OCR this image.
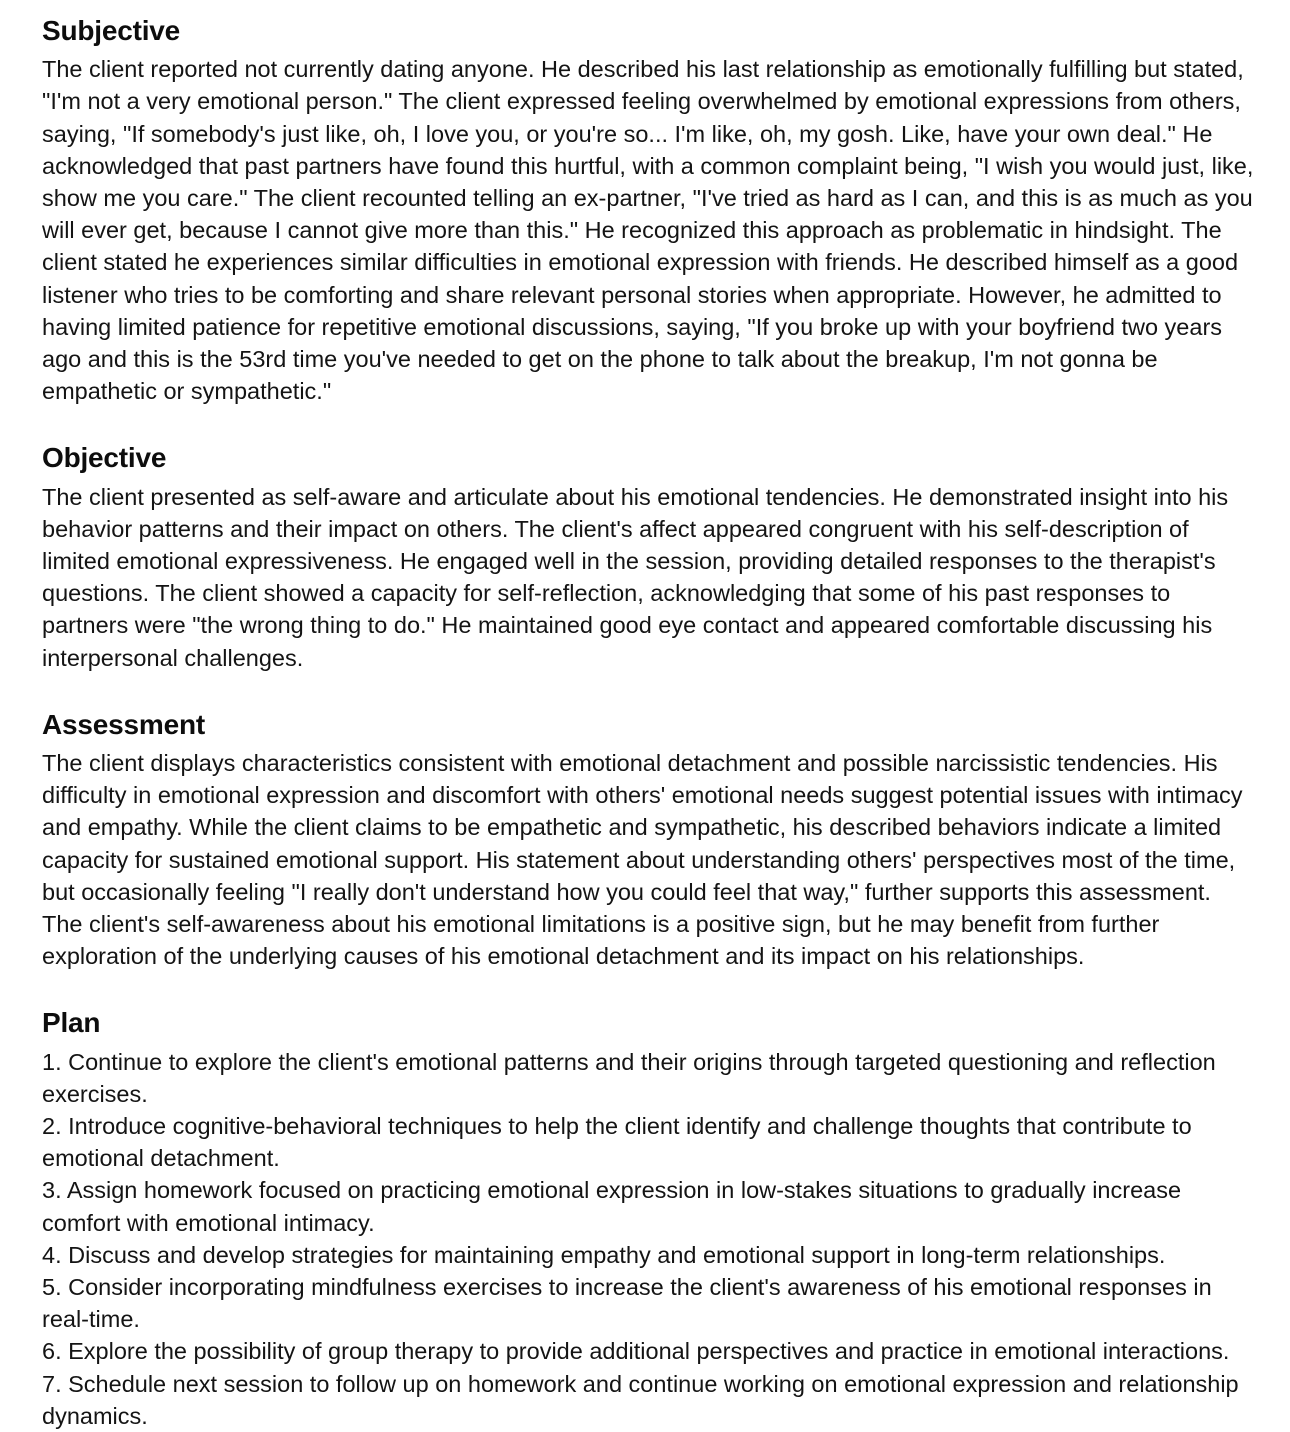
Subjective

The client reported not currently dating anyone. He described his last relationship as emotionally fulfilling but stated, "I'm not a very emotional person." The client expressed feeling overwhelmed by emotional expressions from others, saying, "If somebody's just like, oh, I love you, or you're so... I'm like, oh, my gosh. Like, have your own deal." He acknowledged that past partners have found this hurtful, with a common complaint being, "I wish you would just, like, show me you care." The client recounted telling an ex-partner, "I've tried as hard as I can, and this is as much as you will ever get, because I cannot give more than this." He recognized this approach as problematic in hindsight. The client stated he experiences similar difficulties in emotional expression with friends. He described himself as a good listener who tries to be comforting and share relevant personal stories when appropriate. However, he admitted to having limited patience for repetitive emotional discussions, saying, "If you broke up with your boyfriend two years ago and this is the 53rd time you've needed to get on the phone to talk about the breakup, I'm not gonna be empathetic or sympathetic."

Objective

The client presented as self-aware and articulate about his emotional tendencies. He demonstrated insight into his behavior patterns and their impact on others. The client's affect appeared congruent with his self-description of limited emotional expressiveness. He engaged well in the session, providing detailed responses to the therapist's questions. The client showed a capacity for self-reflection, acknowledging that some of his past responses to partners were "the wrong thing to do." He maintained good eye contact and appeared comfortable discussing his interpersonal challenges.

Assessment

The client displays characteristics consistent with emotional detachment and possible narcissistic tendencies. His difficulty in emotional expression and discomfort with others' emotional needs suggest potential issues with intimacy and empathy. While the client claims to be empathetic and sympathetic, his described behaviors indicate a limited capacity for sustained emotional support. His statement about understanding others' perspectives most of the time, but occasionally feeling "I really don't understand how you could feel that way," further supports this assessment. The client's self-awareness about his emotional limitations is a positive sign, but he may benefit from further exploration of the underlying causes of his emotional detachment and its impact on his relationships.

Plan

1. Continue to explore the client's emotional patterns and their origins through targeted questioning and reflection exercises.

2. Introduce cognitive-behavioral techniques to help the client identify and challenge thoughts that contribute to emotional detachment.

3. Assign homework focused on practicing emotional expression in low-stakes situations to gradually increase comfort with emotional intimacy.

4. Discuss and develop strategies for maintaining empathy and emotional support in long-term relationships.

5. Consider incorporating mindfulness exercises to increase the client's awareness of his emotional responses in real-time.

6. Explore the possibility of group therapy to provide additional perspectives and practice in emotional interactions.

7. Schedule next session to follow up on homework and continue working on emotional expression and relationship dynamics.
